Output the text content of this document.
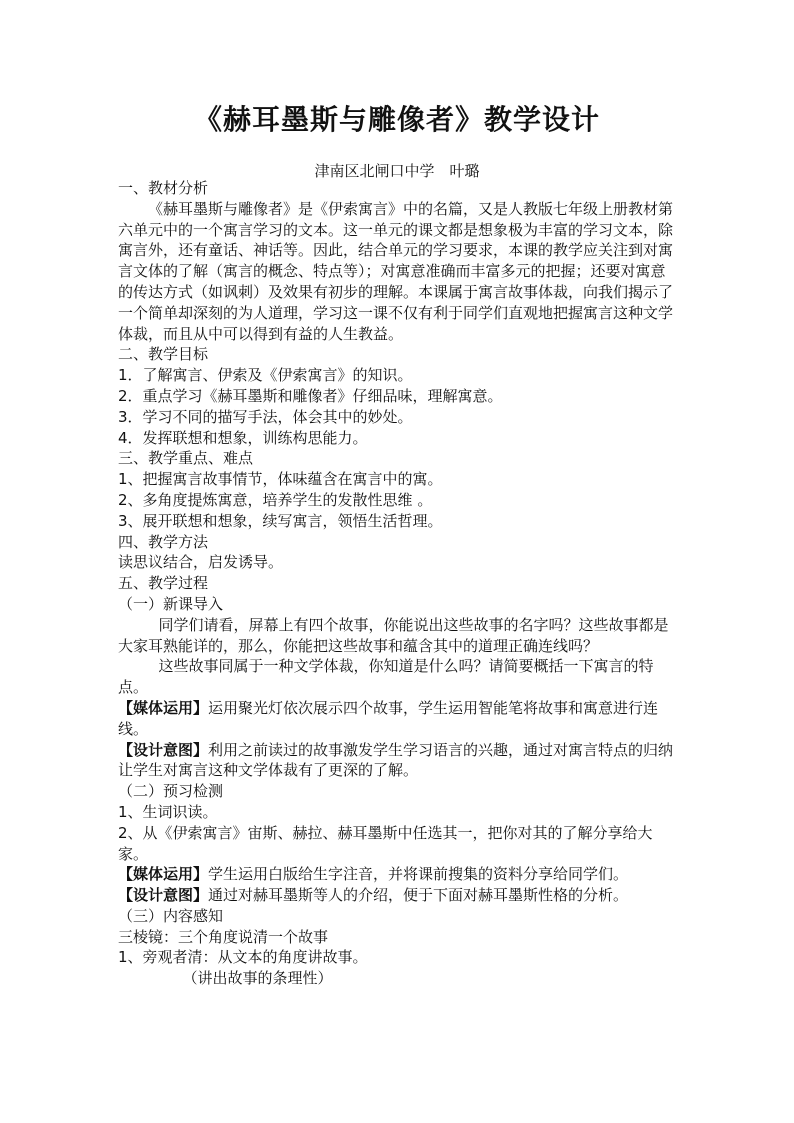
《赫耳墨斯与雕像者》教学设计
津南区北闸口中学　叶璐

一、教材分析

《赫耳墨斯与雕像者》是《伊索寓言》中的名篇，又是人教版七年级上册教材第六单元中的一个寓言学习的文本。这一单元的课文都是想象极为丰富的学习文本，除寓言外，还有童话、神话等。因此，结合单元的学习要求，本课的教学应关注到对寓言文体的了解（寓言的概念、特点等）；对寓意准确而丰富多元的把握；还要对寓意的传达方式（如讽刺）及效果有初步的理解。本课属于寓言故事体裁，向我们揭示了一个简单却深刻的为人道理，学习这一课不仅有利于同学们直观地把握寓言这种文学体裁，而且从中可以得到有益的人生教益。

二、教学目标

1．了解寓言、伊索及《伊索寓言》的知识。

2．重点学习《赫耳墨斯和雕像者》仔细品味，理解寓意。

3．学习不同的描写手法，体会其中的妙处。

4．发挥联想和想象，训练构思能力。

三、教学重点、难点

1、把握寓言故事情节，体味蕴含在寓言中的寓。

2、多角度提炼寓意，培养学生的发散性思维 。

3、展开联想和想象，续写寓言，领悟生活哲理。

四、教学方法

读思议结合，启发诱导。

五、教学过程

（一）新课导入

同学们请看，屏幕上有四个故事，你能说出这些故事的名字吗？这些故事都是大家耳熟能详的，那么，你能把这些故事和蕴含其中的道理正确连线吗？

这些故事同属于一种文学体裁，你知道是什么吗？请简要概括一下寓言的特点。

【媒体运用】运用聚光灯依次展示四个故事，学生运用智能笔将故事和寓意进行连线。

【设计意图】利用之前读过的故事激发学生学习语言的兴趣，通过对寓言特点的归纳让学生对寓言这种文学体裁有了更深的了解。

（二）预习检测

1、生词识读。

2、从《伊索寓言》宙斯、赫拉、赫耳墨斯中任选其一，把你对其的了解分享给大家。

【媒体运用】学生运用白版给生字注音，并将课前搜集的资料分享给同学们。

【设计意图】通过对赫耳墨斯等人的介绍，便于下面对赫耳墨斯性格的分析。

（三）内容感知

三棱镜：三个角度说清一个故事

1、旁观者清：从文本的角度讲故事。

（讲出故事的条理性）
